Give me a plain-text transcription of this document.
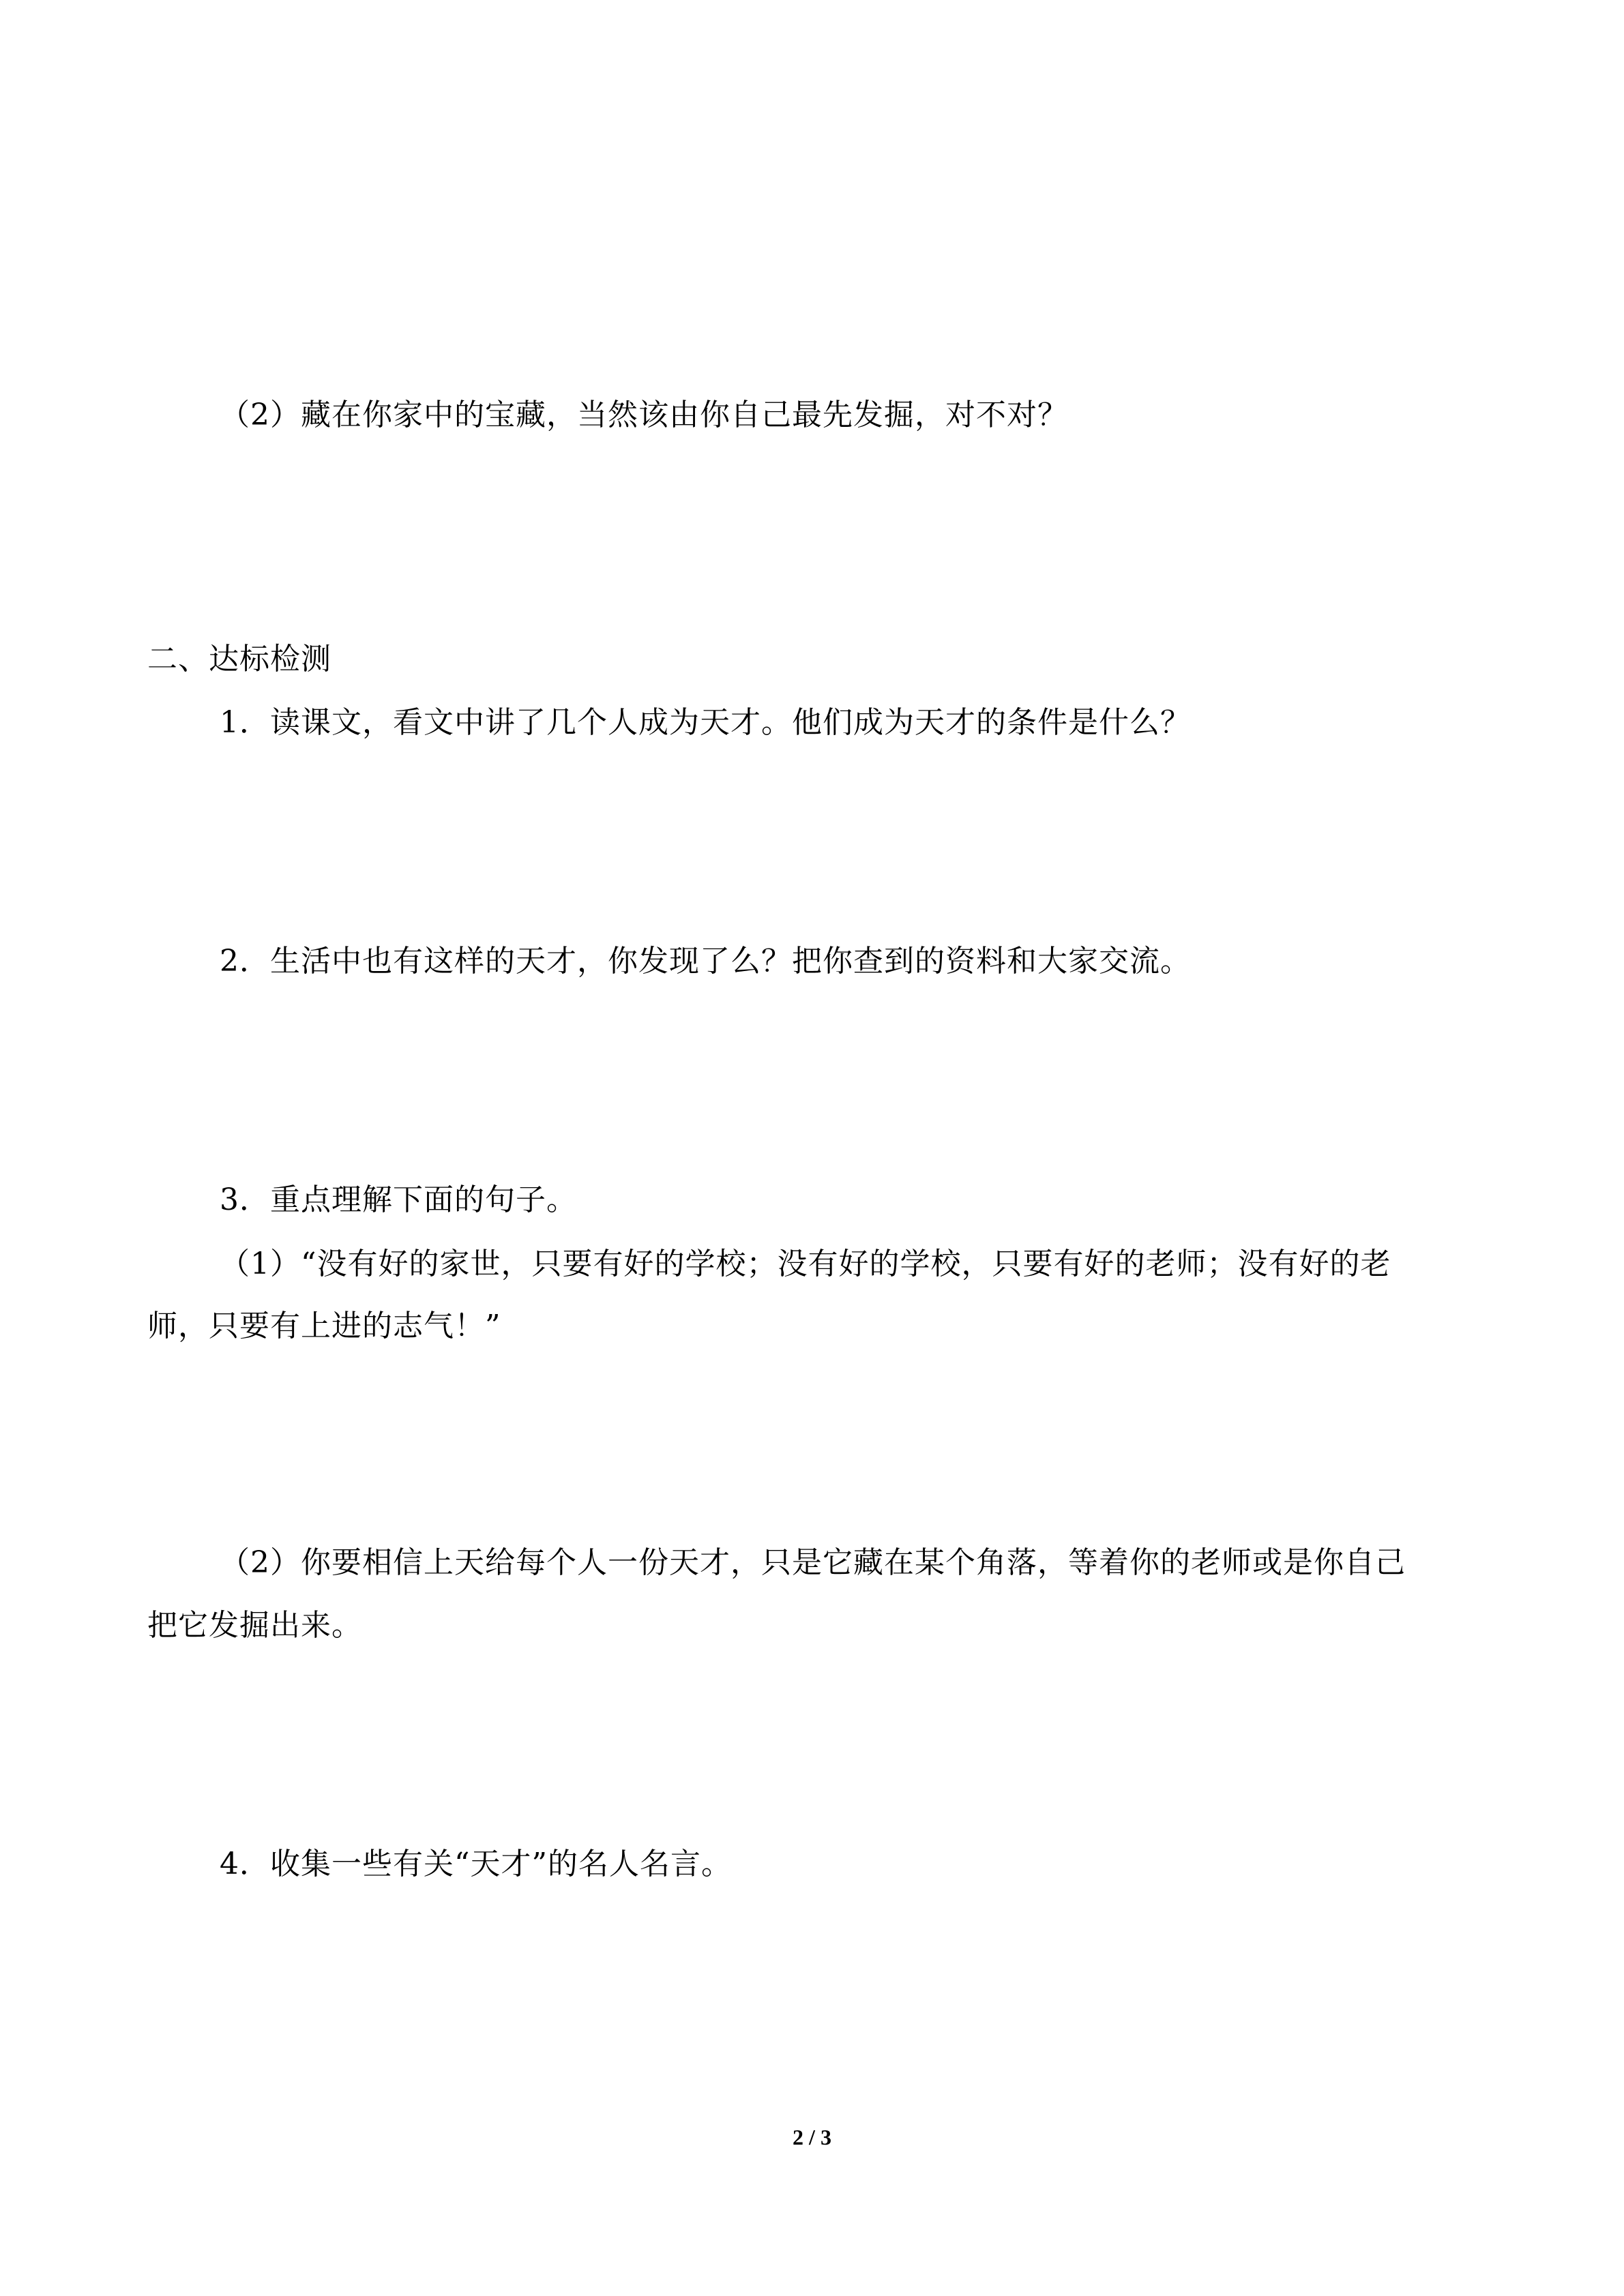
（2）藏在你家中的宝藏，当然该由你自己最先发掘，对不对？

二、达标检测

1．读课文，看文中讲了几个人成为天才。他们成为天才的条件是什么？

2．生活中也有这样的天才，你发现了么？把你查到的资料和大家交流。

3．重点理解下面的句子。

（1）“没有好的家世，只要有好的学校；没有好的学校，只要有好的老师；没有好的老

师，只要有上进的志气！”

（2）你要相信上天给每个人一份天才，只是它藏在某个角落，等着你的老师或是你自己

把它发掘出来。

4．收集一些有关“天才”的名人名言。

2 / 3
